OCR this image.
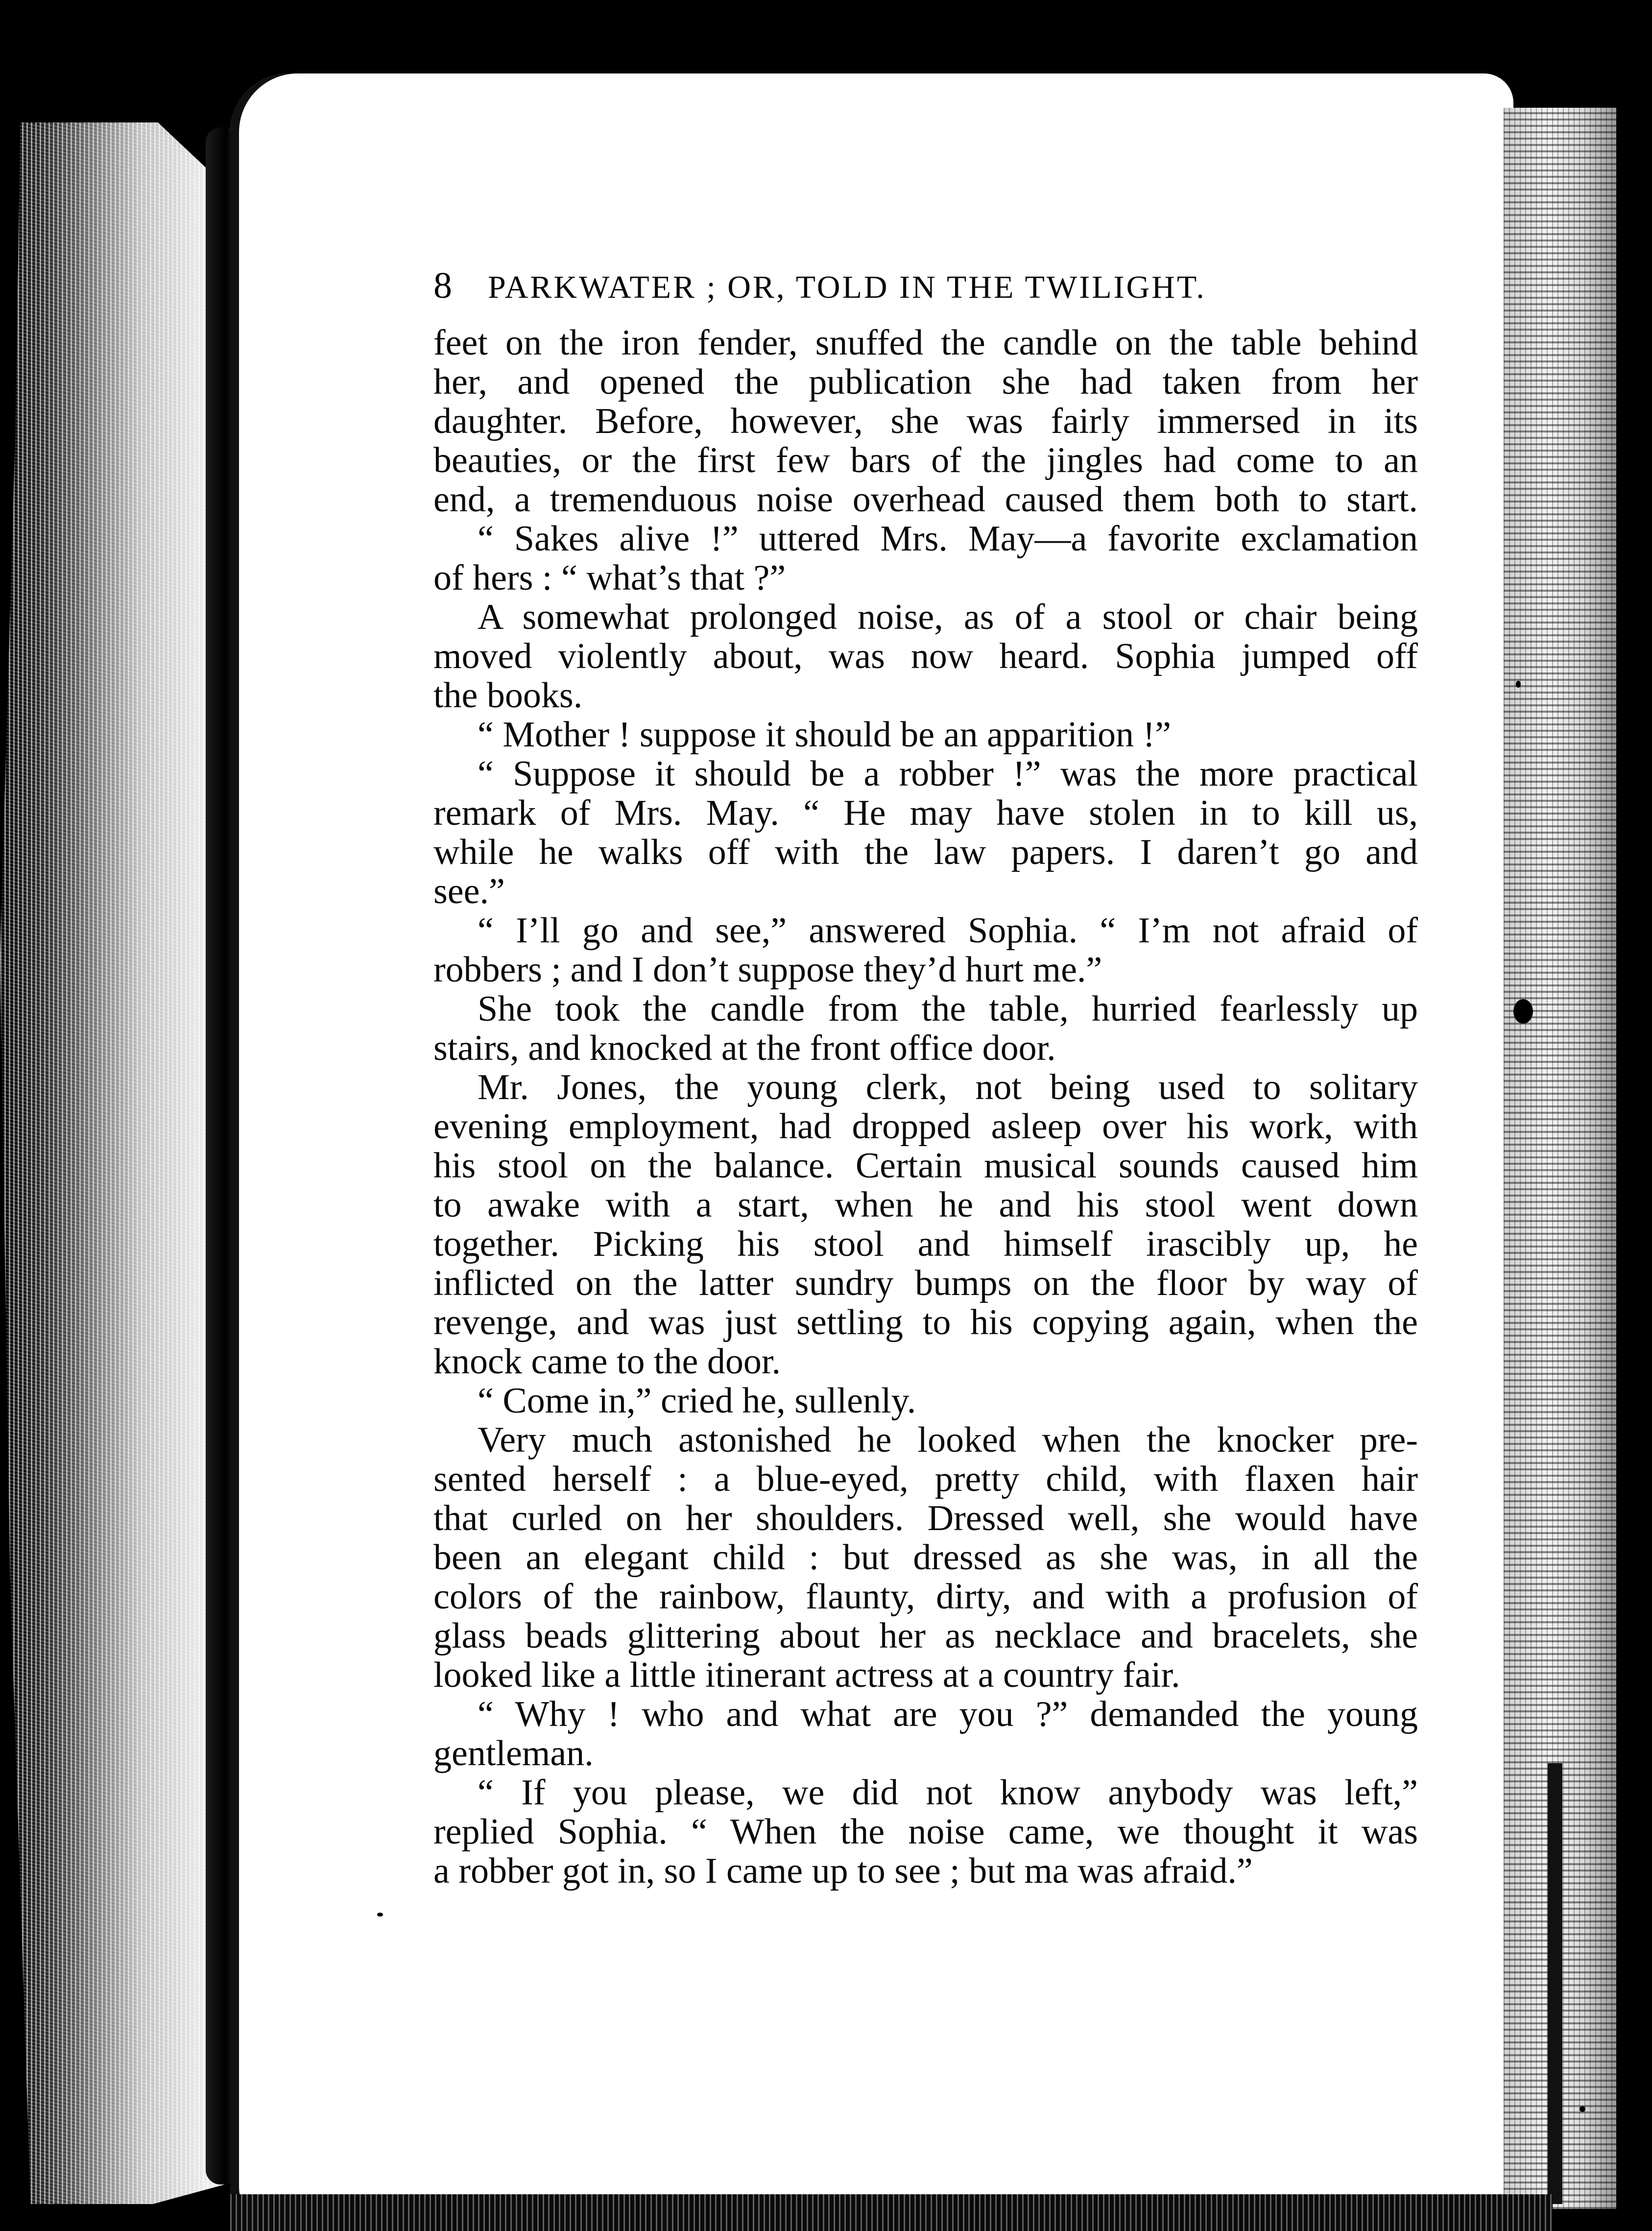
8 PARKWATER ; OR, TOLD IN THE TWILIGHT.
feet on the iron fender, snuffed the candle on the table behind
her, and opened the publication she had taken from her
daughter. Before, however, she was fairly immersed in its
beauties, or the first few bars of the jingles had come to an
end, a tremenduous noise overhead caused them both to start.
“ Sakes alive !” uttered Mrs. May—a favorite exclamation
of hers : “ what’s that ?”
A somewhat prolonged noise, as of a stool or chair being
moved violently about, was now heard. Sophia jumped off
the books.
“ Mother ! suppose it should be an apparition !”
“ Suppose it should be a robber !” was the more practical
remark of Mrs. May. “ He may have stolen in to kill us,
while he walks off with the law papers. I daren’t go and
see.”
“ I’ll go and see,” answered Sophia. “ I’m not afraid of
robbers ; and I don’t suppose they’d hurt me.”
She took the candle from the table, hurried fearlessly up
stairs, and knocked at the front office door.
Mr. Jones, the young clerk, not being used to solitary
evening employment, had dropped asleep over his work, with
his stool on the balance. Certain musical sounds caused him
to awake with a start, when he and his stool went down
together. Picking his stool and himself irascibly up, he
inflicted on the latter sundry bumps on the floor by way of
revenge, and was just settling to his copying again, when the
knock came to the door.
“ Come in,” cried he, sullenly.
Very much astonished he looked when the knocker pre-
sented herself : a blue-eyed, pretty child, with flaxen hair
that curled on her shoulders. Dressed well, she would have
been an elegant child : but dressed as she was, in all the
colors of the rainbow, flaunty, dirty, and with a profusion of
glass beads glittering about her as necklace and bracelets, she
looked like a little itinerant actress at a country fair.
“ Why ! who and what are you ?” demanded the young
gentleman.
“ If you please, we did not know anybody was left,”
replied Sophia. “ When the noise came, we thought it was
a robber got in, so I came up to see ; but ma was afraid.”
